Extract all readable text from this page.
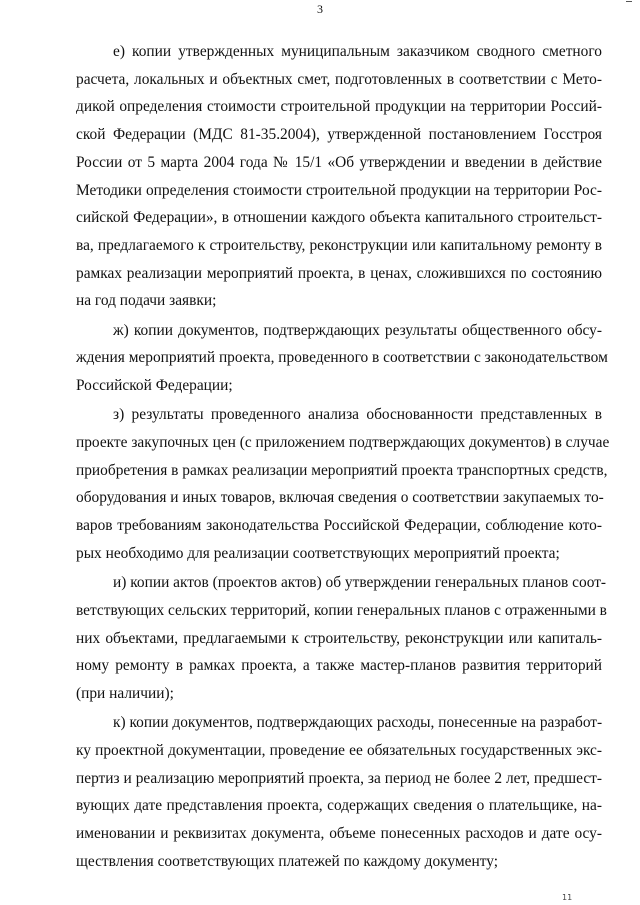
3

е) копии утвержденных муниципальным заказчиком сводного сметного
расчета, локальных и объектных смет, подготовленных в соответствии с Мето-
дикой определения стоимости строительной продукции на территории Россий-
ской Федерации (МДС 81-35.2004), утвержденной постановлением Госстроя
России от 5 марта 2004 года № 15/1 «Об утверждении и введении в действие
Методики определения стоимости строительной продукции на территории Рос-
сийской Федерации», в отношении каждого объекта капитального строительст-
ва, предлагаемого к строительству, реконструкции или капитальному ремонту в
рамках реализации мероприятий проекта, в ценах, сложившихся по состоянию
на год подачи заявки;

ж) копии документов, подтверждающих результаты общественного обсу-
ждения мероприятий проекта, проведенного в соответствии с законодательством
Российской Федерации;

з) результаты проведенного анализа обоснованности представленных в
проекте закупочных цен (с приложением подтверждающих документов) в случае
приобретения в рамках реализации мероприятий проекта транспортных средств,
оборудования и иных товаров, включая сведения о соответствии закупаемых то-
варов требованиям законодательства Российской Федерации, соблюдение кото-
рых необходимо для реализации соответствующих мероприятий проекта;

и) копии актов (проектов актов) об утверждении генеральных планов соот-
ветствующих сельских территорий, копии генеральных планов с отраженными в
них объектами, предлагаемыми к строительству, реконструкции или капиталь-
ному ремонту в рамках проекта, а также мастер-планов развития территорий
(при наличии);

к) копии документов, подтверждающих расходы, понесенные на разработ-
ку проектной документации, проведение ее обязательных государственных экс-
пертиз и реализацию мероприятий проекта, за период не более 2 лет, предшест-
вующих дате представления проекта, содержащих сведения о плательщике, на-
именовании и реквизитах документа, объеме понесенных расходов и дате осу-
ществления соответствующих платежей по каждому документу;

11
